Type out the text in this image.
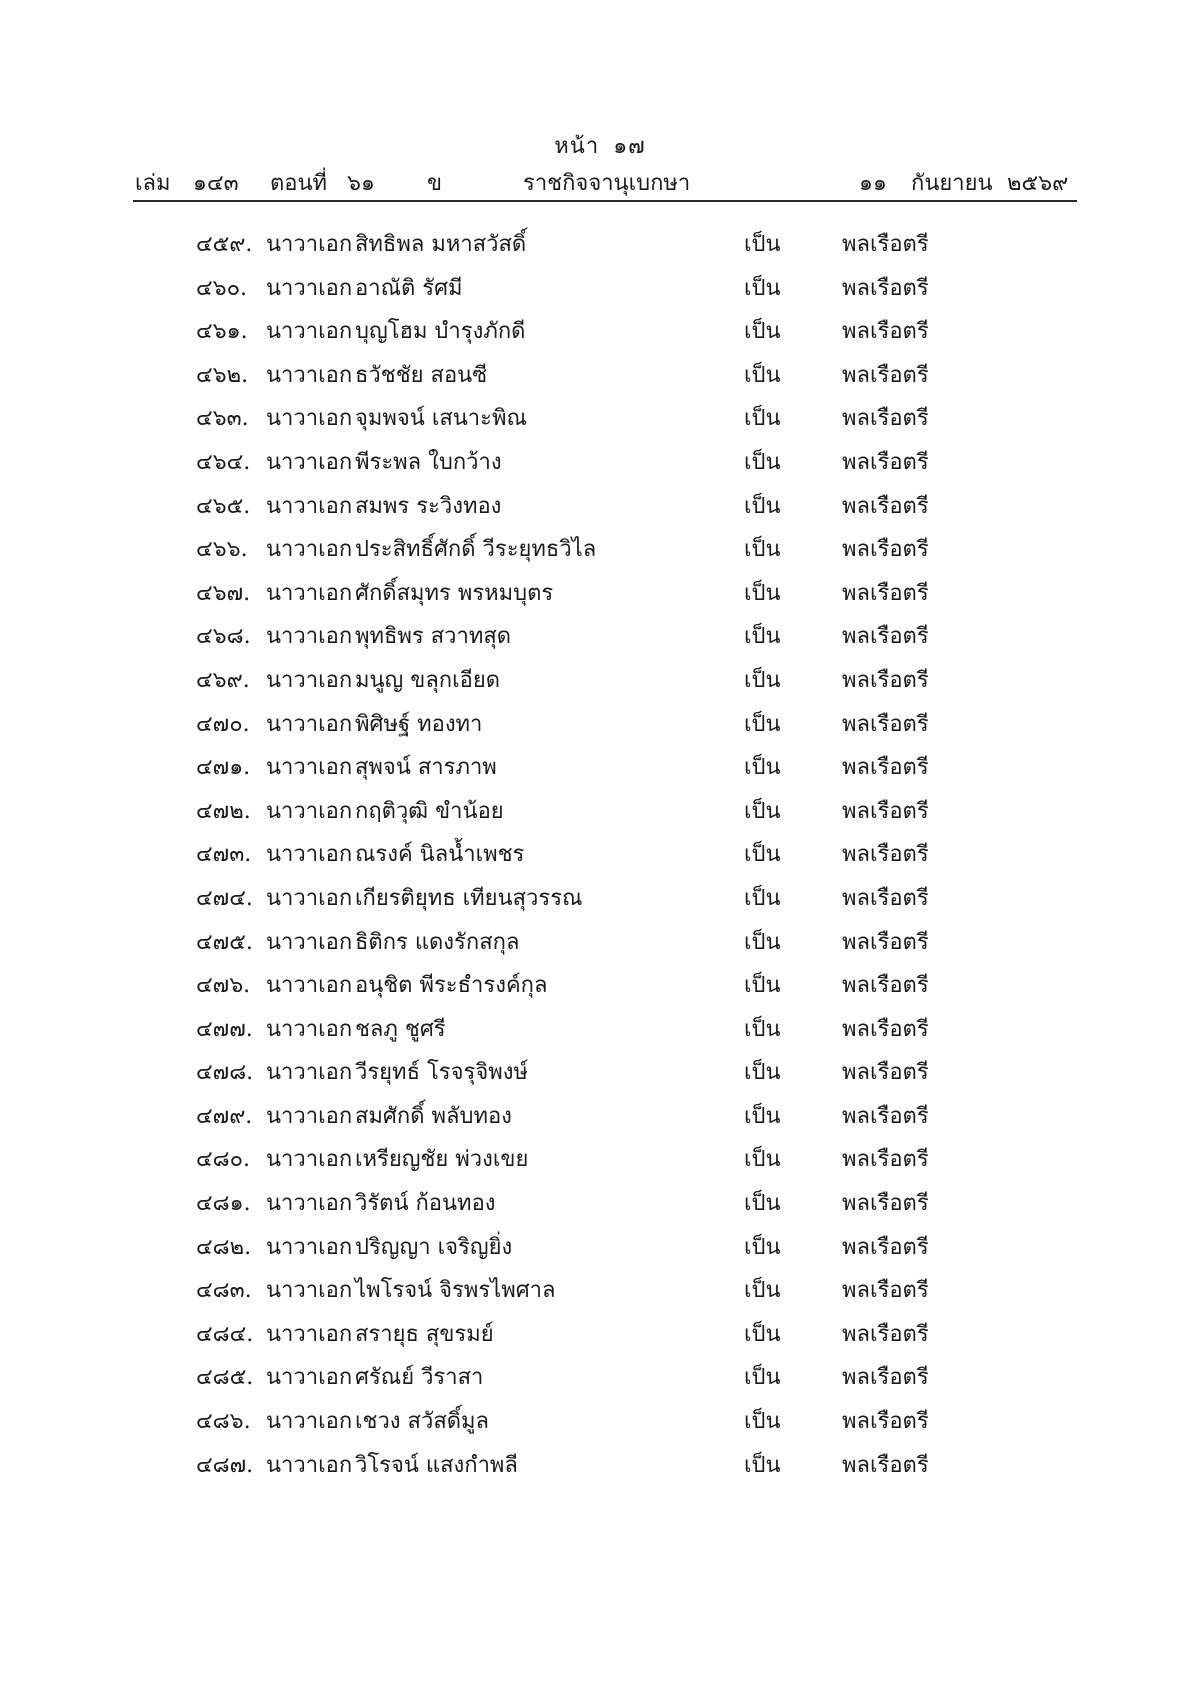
หน้า ๑๗
เล่ม ๑๔๓ ตอนที่ ๖๑ ข	ราชกิจจานุเบกษา	๑๑ กันยายน ๒๕๖๙
๔๕๙. นาวาเอก สิทธิพล มหาสวัสดิ์	เป็น	พลเรือตรี
๔๖๐. นาวาเอก อาณัติ รัศมี	เป็น	พลเรือตรี
๔๖๑. นาวาเอก บุญโฮม บำรุงภักดี	เป็น	พลเรือตรี
๔๖๒. นาวาเอก ธวัชชัย สอนซี	เป็น	พลเรือตรี
๔๖๓. นาวาเอก จุมพจน์ เสนาะพิณ	เป็น	พลเรือตรี
๔๖๔. นาวาเอก พีระพล ใบกว้าง	เป็น	พลเรือตรี
๔๖๕. นาวาเอก สมพร ระวิงทอง	เป็น	พลเรือตรี
๔๖๖. นาวาเอก ประสิทธิ์ศักดิ์ วีระยุทธวิไล	เป็น	พลเรือตรี
๔๖๗. นาวาเอก ศักดิ์สมุทร พรหมบุตร	เป็น	พลเรือตรี
๔๖๘. นาวาเอก พุทธิพร สวาทสุด	เป็น	พลเรือตรี
๔๖๙. นาวาเอก มนูญ ขลุกเอียด	เป็น	พลเรือตรี
๔๗๐. นาวาเอก พิศิษฐ์ ทองทา	เป็น	พลเรือตรี
๔๗๑. นาวาเอก สุพจน์ สารภาพ	เป็น	พลเรือตรี
๔๗๒. นาวาเอก กฤติวุฒิ ขำน้อย	เป็น	พลเรือตรี
๔๗๓. นาวาเอก ณรงค์ นิลน้ำเพชร	เป็น	พลเรือตรี
๔๗๔. นาวาเอก เกียรติยุทธ เทียนสุวรรณ	เป็น	พลเรือตรี
๔๗๕. นาวาเอก ธิติกร แดงรักสกุล	เป็น	พลเรือตรี
๔๗๖. นาวาเอก อนุชิต พีระธำรงค์กุล	เป็น	พลเรือตรี
๔๗๗. นาวาเอก ชลภู ชูศรี	เป็น	พลเรือตรี
๔๗๘. นาวาเอก วีรยุทธ์ โรจรุจิพงษ์	เป็น	พลเรือตรี
๔๗๙. นาวาเอก สมศักดิ์ พลับทอง	เป็น	พลเรือตรี
๔๘๐. นาวาเอก เหรียญชัย พ่วงเขย	เป็น	พลเรือตรี
๔๘๑. นาวาเอก วิรัตน์ ก้อนทอง	เป็น	พลเรือตรี
๔๘๒. นาวาเอก ปริญญา เจริญยิ่ง	เป็น	พลเรือตรี
๔๘๓. นาวาเอก ไพโรจน์ จิรพรไพศาล	เป็น	พลเรือตรี
๔๘๔. นาวาเอก สรายุธ สุขรมย์	เป็น	พลเรือตรี
๔๘๕. นาวาเอก ศรัณย์ วีราสา	เป็น	พลเรือตรี
๔๘๖. นาวาเอก เชวง สวัสดิ์มูล	เป็น	พลเรือตรี
๔๘๗. นาวาเอก วิโรจน์ แสงกำพลี	เป็น	พลเรือตรี
